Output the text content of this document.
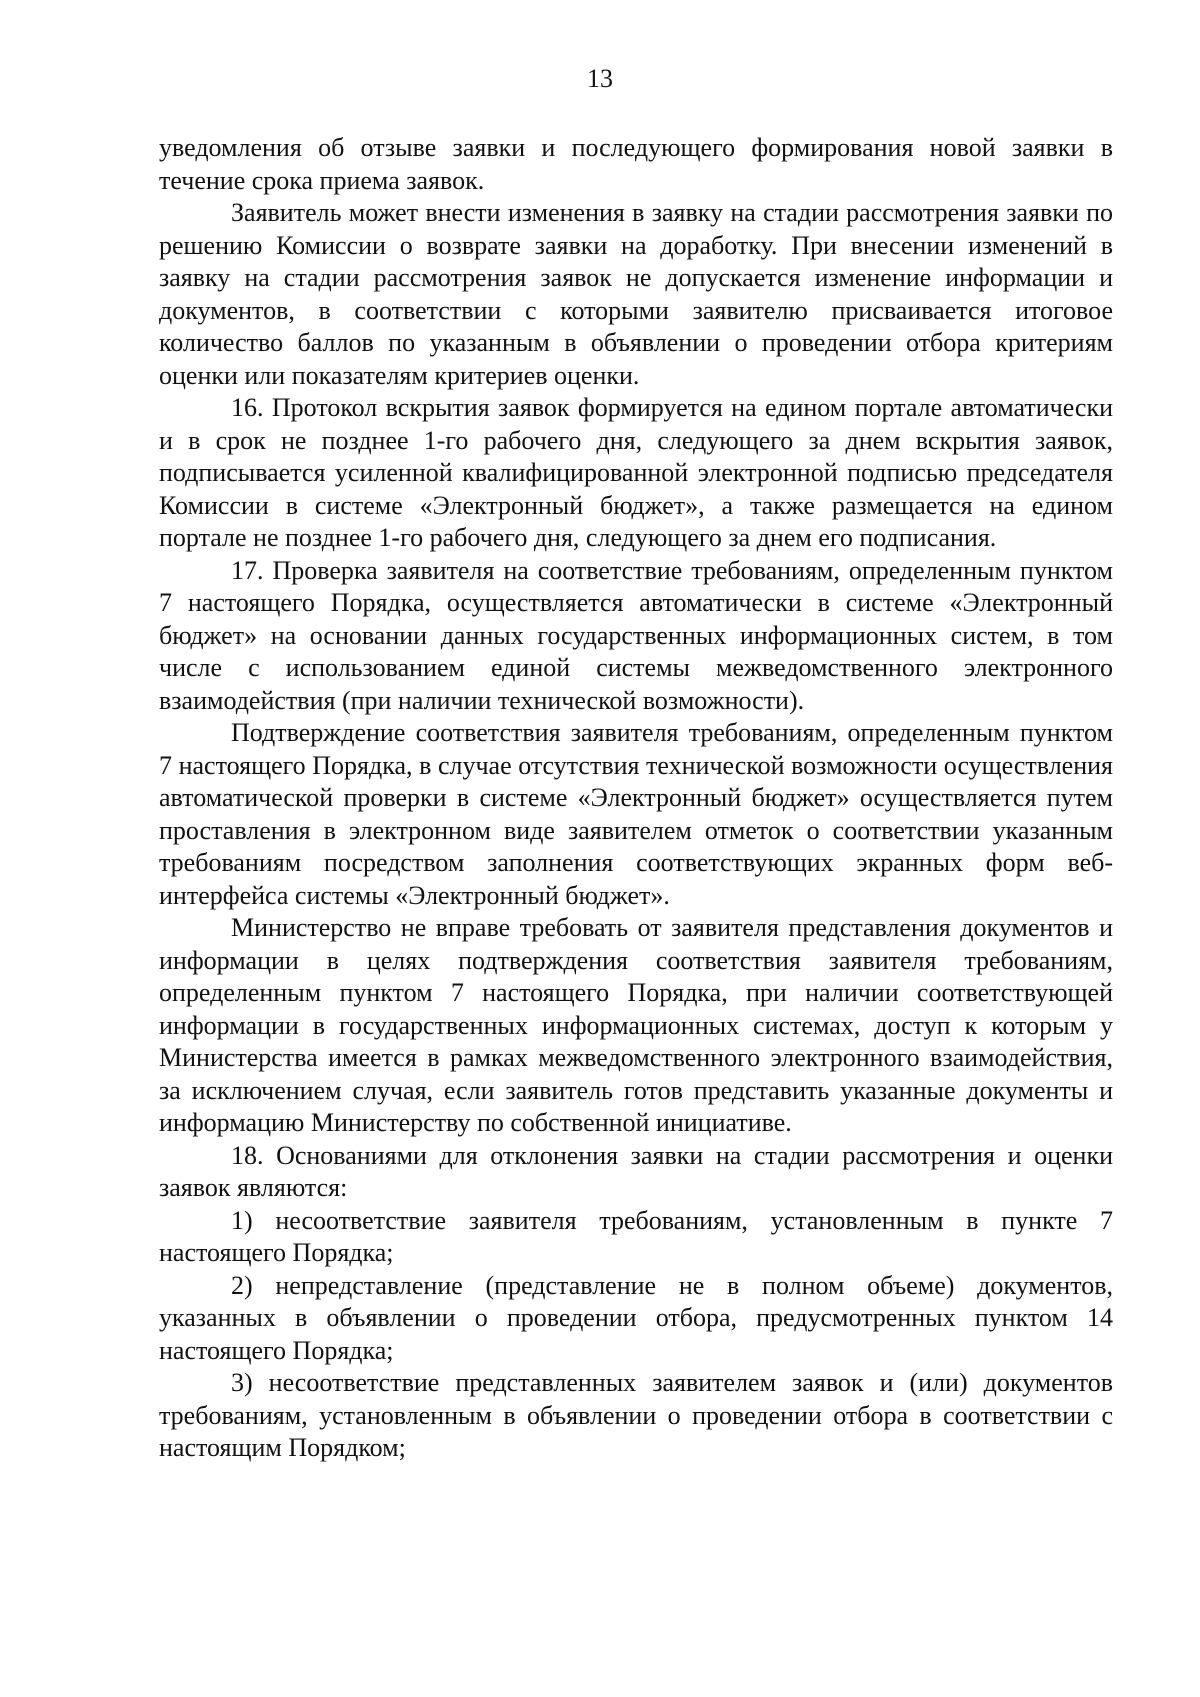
13

уведомления об отзыве заявки и последующего формирования новой заявки в течение срока приема заявок.

Заявитель может внести изменения в заявку на стадии рассмотрения заявки по решению Комиссии о возврате заявки на доработку. При внесении изменений в заявку на стадии рассмотрения заявок не допускается изменение информации и документов, в соответствии с которыми заявителю присваивается итоговое количество баллов по указанным в объявлении о проведении отбора критериям оценки или показателям критериев оценки.

16. Протокол вскрытия заявок формируется на едином портале автоматически и в срок не позднее 1-го рабочего дня, следующего за днем вскрытия заявок, подписывается усиленной квалифицированной электронной подписью председателя Комиссии в системе «Электронный бюджет», а также размещается на едином портале не позднее 1-го рабочего дня, следующего за днем его подписания.

17. Проверка заявителя на соответствие требованиям, определенным пунктом 7 настоящего Порядка, осуществляется автоматически в системе «Электронный бюджет» на основании данных государственных информационных систем, в том числе с использованием единой системы межведомственного электронного взаимодействия (при наличии технической возможности).

Подтверждение соответствия заявителя требованиям, определенным пунктом 7 настоящего Порядка, в случае отсутствия технической возможности осуществления автоматической проверки в системе «Электронный бюджет» осуществляется путем проставления в электронном виде заявителем отметок о соответствии указанным требованиям посредством заполнения соответствующих экранных форм веб-интерфейса системы «Электронный бюджет».

Министерство не вправе требовать от заявителя представления документов и информации в целях подтверждения соответствия заявителя требованиям, определенным пунктом 7 настоящего Порядка, при наличии соответствующей информации в государственных информационных системах, доступ к которым у Министерства имеется в рамках межведомственного электронного взаимодействия, за исключением случая, если заявитель готов представить указанные документы и информацию Министерству по собственной инициативе.

18. Основаниями для отклонения заявки на стадии рассмотрения и оценки заявок являются:

1) несоответствие заявителя требованиям, установленным в пункте 7 настоящего Порядка;

2) непредставление (представление не в полном объеме) документов, указанных в объявлении о проведении отбора, предусмотренных пунктом 14 настоящего Порядка;

3) несоответствие представленных заявителем заявок и (или) документов требованиям, установленным в объявлении о проведении отбора в соответствии с настоящим Порядком;
